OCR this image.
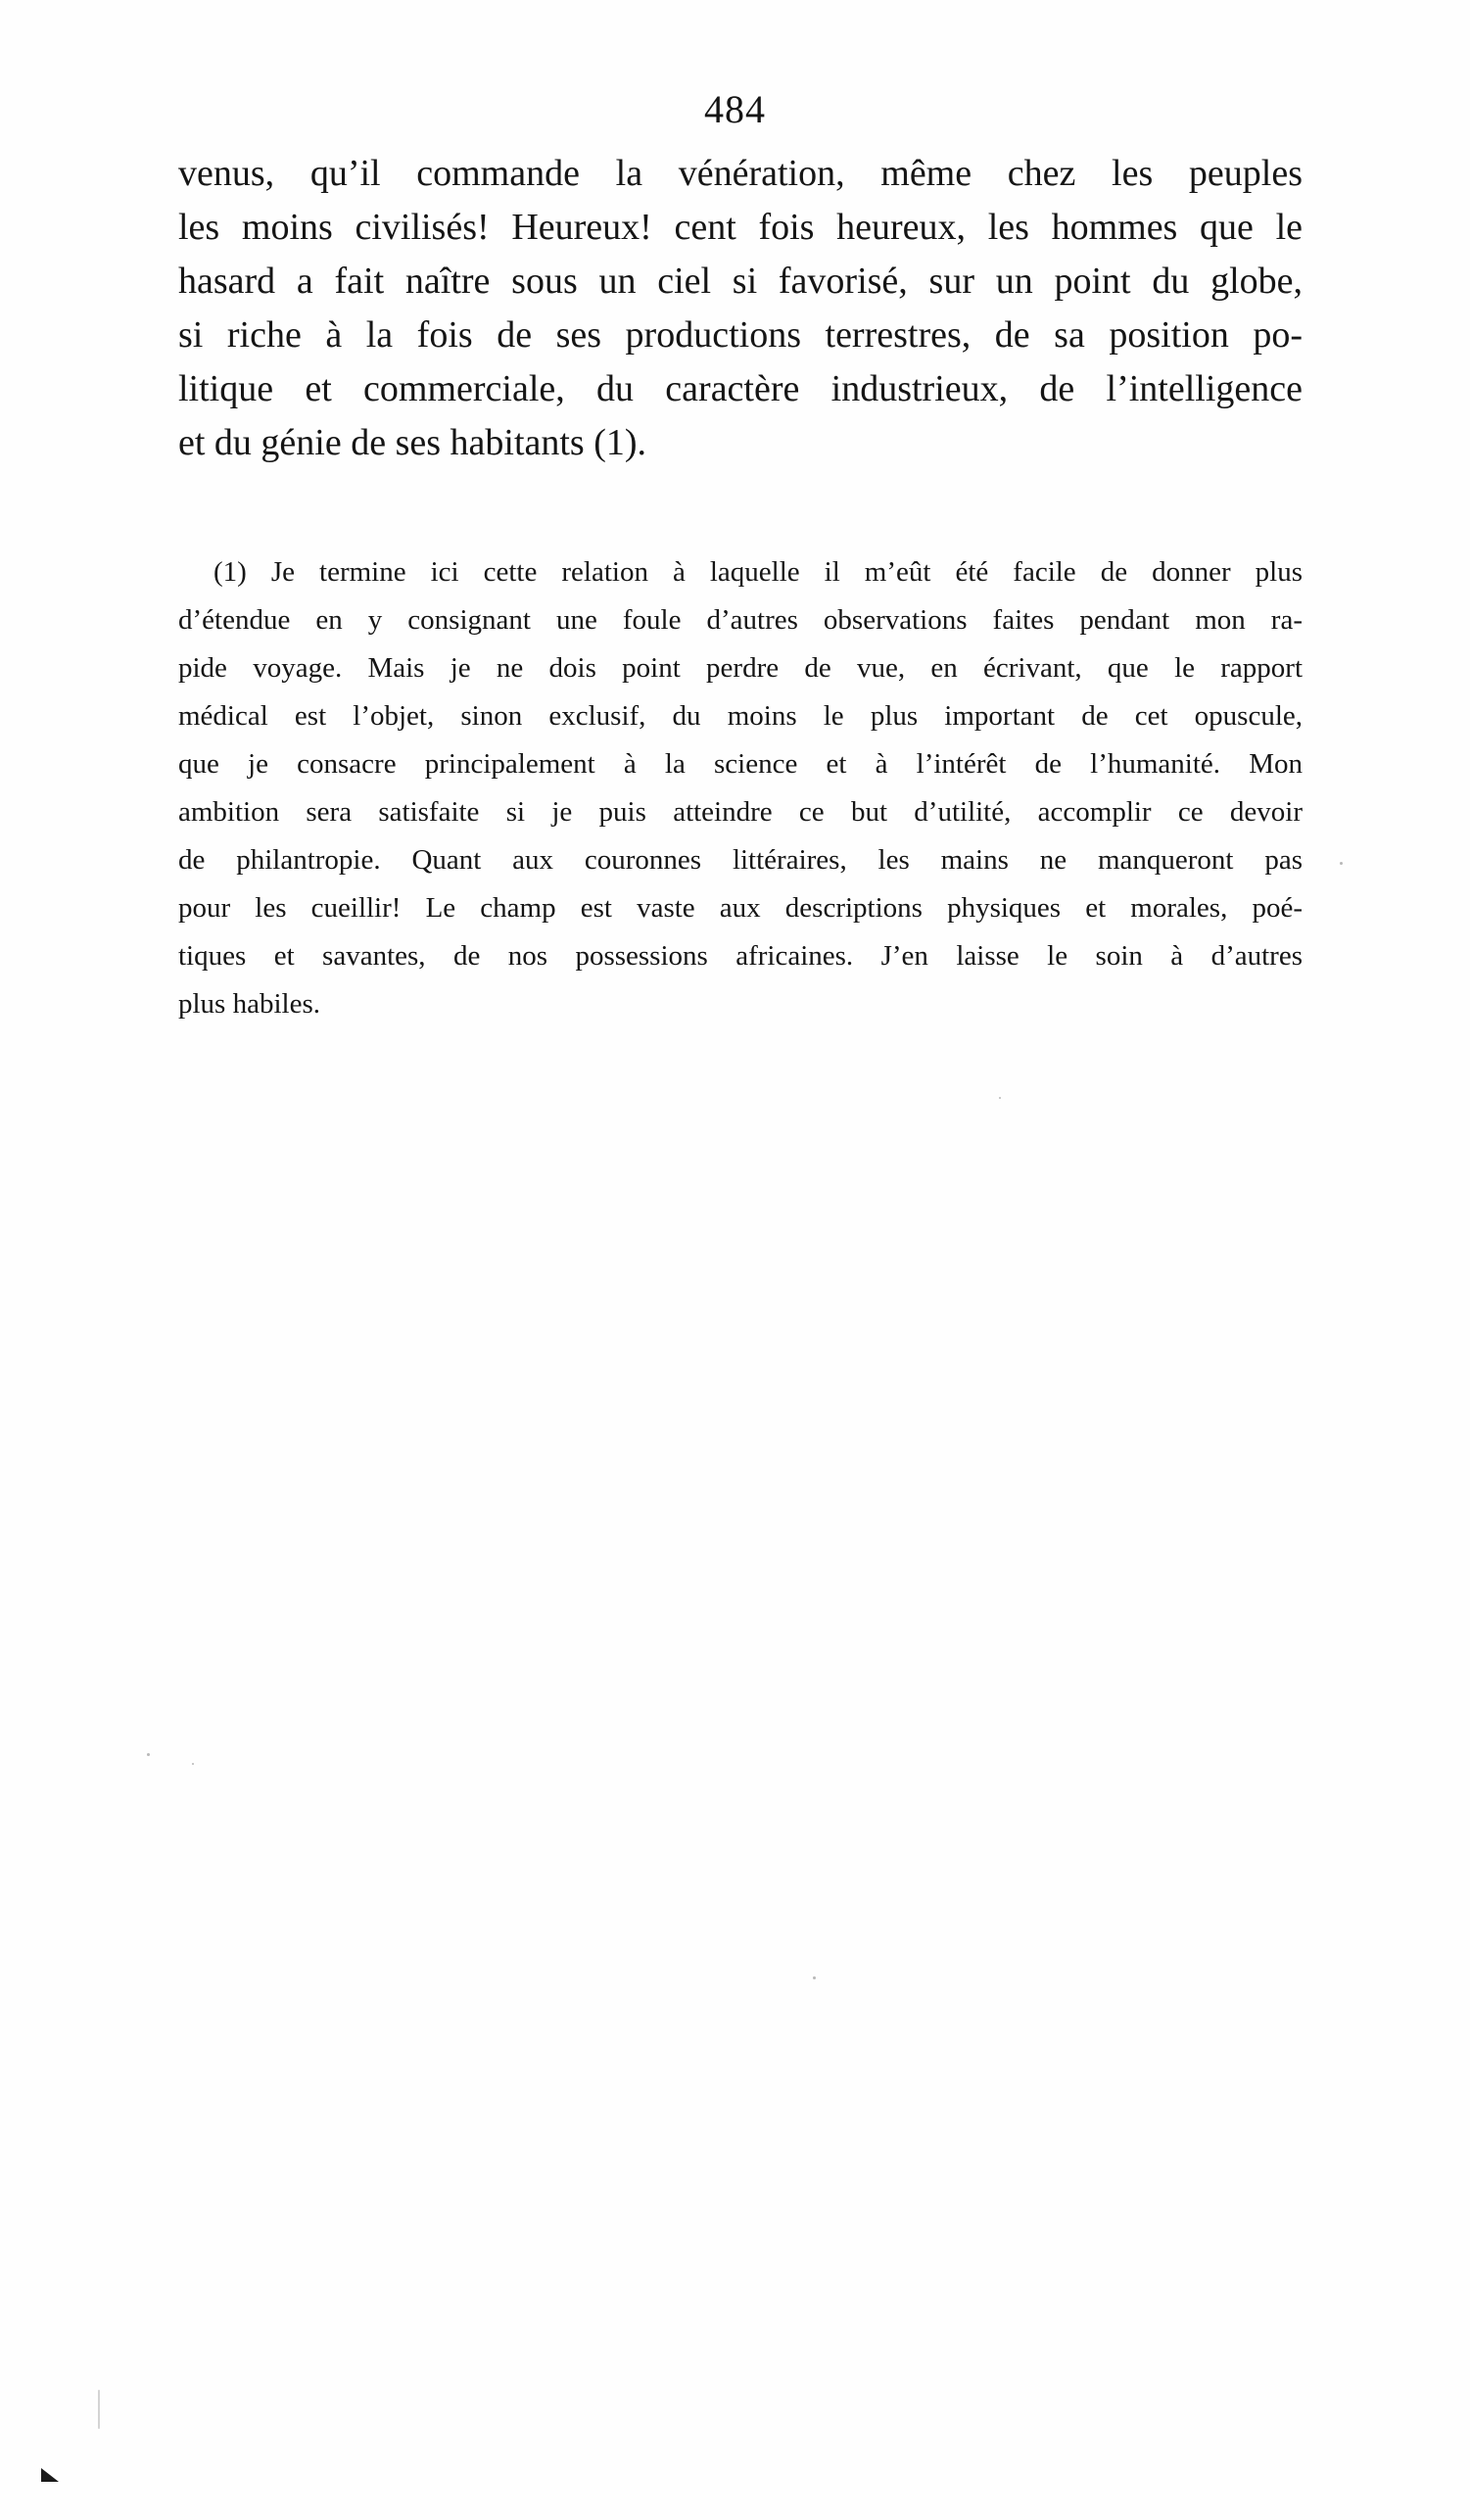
484
venus, qu’il commande la vénération, même chez les peuples
les moins civilisés! Heureux! cent fois heureux, les hommes que le
hasard a fait naître sous un ciel si favorisé, sur un point du globe,
si riche à la fois de ses productions terrestres, de sa position po-
litique et commerciale, du caractère industrieux, de l’intelligence
et du génie de ses habitants (1).
(1) Je termine ici cette relation à laquelle il m’eût été facile de donner plus
d’étendue en y consignant une foule d’autres observations faites pendant mon ra-
pide voyage. Mais je ne dois point perdre de vue, en écrivant, que le rapport
médical est l’objet, sinon exclusif, du moins le plus important de cet opuscule,
que je consacre principalement à la science et à l’intérêt de l’humanité. Mon
ambition sera satisfaite si je puis atteindre ce but d’utilité, accomplir ce devoir
de philantropie. Quant aux couronnes littéraires, les mains ne manqueront pas
pour les cueillir! Le champ est vaste aux descriptions physiques et morales, poé-
tiques et savantes, de nos possessions africaines. J’en laisse le soin à d’autres
plus habiles.
